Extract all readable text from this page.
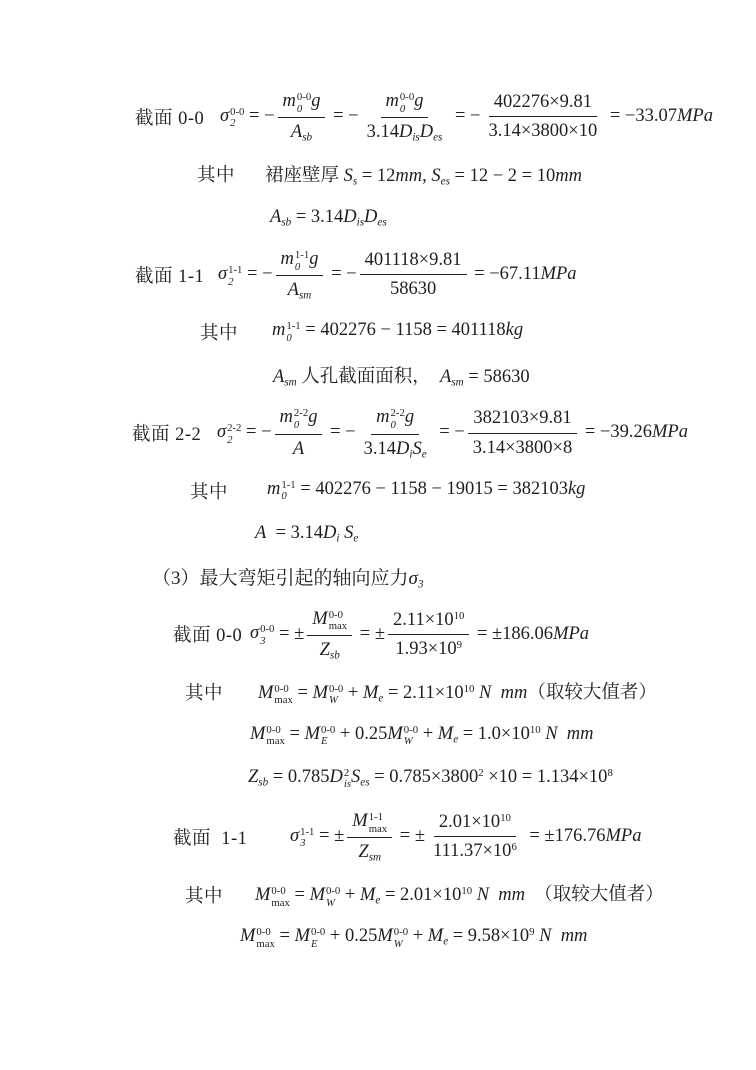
截面 0-0 σ 0-0
2 = − m 0-0
0 g
$A_{sb}$ = − m 0-0
0 g
$3.14D_{is}D_{es}$ = − $\frac{402276\times 9.81}{3.14\times 3800\times 10} = -33.07MPa$
其中 裙座壁厚 $S_s = 12mm$, $S_{es} = 12 - 2 = 10mm$
$A_{sb} = 3.14D_{is}D_{es}$
截面 1-1 σ 1-1
2 = − m 1-1
0 g
$A_{sm}$ = − $\frac{401118\times 9.81}{58630} = -67.11MPa$
其中 m 1-1
0 = 402276 − 1158 = 401118kg
$A_{sm}$ 人孔截面面积，  $A_{sm} = 58630$
截面 2-2 σ 2-2
2 = − m 2-2
0 g
A = − m 2-2
0 g
$3.14D_iS_e$ = − $\frac{382103\times 9.81}{3.14\times 3800\times 8} = -39.26MPa$
其中 m 1-1
0 = 402276 − 1158 − 19015 = 382103kg
$A = 3.14D_i$ $S_e$
（3）最大弯矩引起的轴向应力$\sigma_3$
截面 0-0 σ 0-0
3 = ± M 0-0
max
$Z_{sb}$ = ± $\frac{2.11\times 10^{10}}{1.93\times 10^9} = \pm 186.06MPa$
其中 M 0-0
max = M 0-0
$W + M_e = 2.11\times 10^{10}$ N  mm（取较大值者）
M 0-0
max = M 0-0
E + 0.25M 0-0
$W + M_e = 1.0\times 10^{10}$ N  mm
$Z_{sb} = 0.785D$ 2
is $S_{es} = 0.785\times 3800^2 \times 10 = 1.134\times 10^8$
截面  1-1 σ 1-1
3 = ± M 1-1
max
$Z_{sm}$ = ± $\frac{2.01\times 10^{10}}{111.37\times 10^6} = \pm 176.76MPa$
其中 M 0-0
max = M 0-0
$W + M_e = 2.01\times 10^{10}$ N  mm  （取较大值者）
M 0-0
max = M 0-0
E + 0.25M 0-0
$W + M_e = 9.58\times 10^9$ N  mm
